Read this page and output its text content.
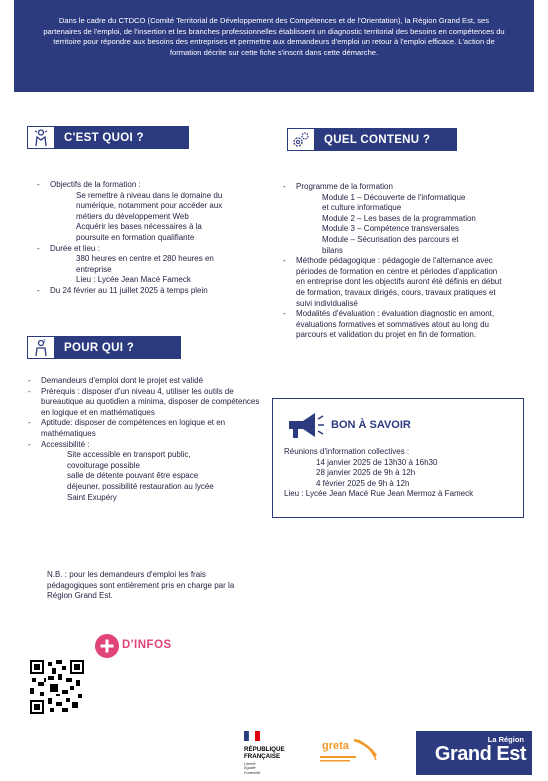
Dans le cadre du CTDCO (Comité Territorial de Développement des Compétences et de l'Orientation), la Région Grand Est, ses partenaires de l'emploi, de l'insertion et les branches professionnelles établissent un diagnostic territorial des besoins en compétences du territoire pour répondre aux besoins des entreprises et permettre aux demandeurs d'emploi un retour à l'emploi efficace. L'action de formation décrite sur cette fiche s'inscrit dans cette démarche.
C'EST QUOI ?
- Objectifs de la formation :
Se remettre à niveau dans le domaine du
numérique, notamment pour accéder aux
métiers du développement Web
Acquérir les bases nécessaires à la
poursuite en formation qualifiante
- Durée et lieu :
380 heures en centre et 280 heures en
entreprise
Lieu : Lycée Jean Macé Fameck
- Du 24 février au 11 juillet 2025 à temps plein
?	POUR QUI ?
- Demandeurs d'emploi dont le projet est validé
- Prérequis : disposer d'un niveau 4, utiliser les outils de bureautique au quotidien a minima, disposer de compétences en logique et en mathématiques
- Aptitude: disposer de compétences en logique et en mathématiques
- Accessibilité :
Site accessible en transport public,
covoiturage possible
salle de détente pouvant être espace
déjeuner, possibilité restauration au lycée
Saint Exupéry
N.B. : pour les demandeurs d'emploi les frais pédagogiques sont entièrement pris en charge par la Région Grand Est.
D'INFOS
QUEL CONTENU ?
- Programme de la formation
Module 1 – Découverte de l'informatique
et culture informatique
Module 2 – Les bases de la programmation
Module 3 – Compétence transversales
Module – Sécurisation des parcours et
bilans
- Méthode pédagogique : pédagogie de l'alternance avec périodes de formation en centre et périodes d'application en entreprise dont les objectifs auront été définis en début de formation, travaux dirigés, cours, travaux pratiques et suivi individualisé
- Modalités d'évaluation : évaluation diagnostic en amont, évaluations formatives et sommatives atout au long du parcours et validation du projet en fin de formation.
BON À SAVOIR
Réunions d'information collectives :
14 janvier 2025 de 13h30 à 16h30
28 janvier 2025 de 9h à 12h
4 février 2025 de 9h à 12h
Lieu : Lycée Jean Macé Rue Jean Mermoz à Fameck
RÉPUBLIQUE
FRANÇAISE
Liberté
Égalité
Fraternité
greta
La Région
Grand Est
